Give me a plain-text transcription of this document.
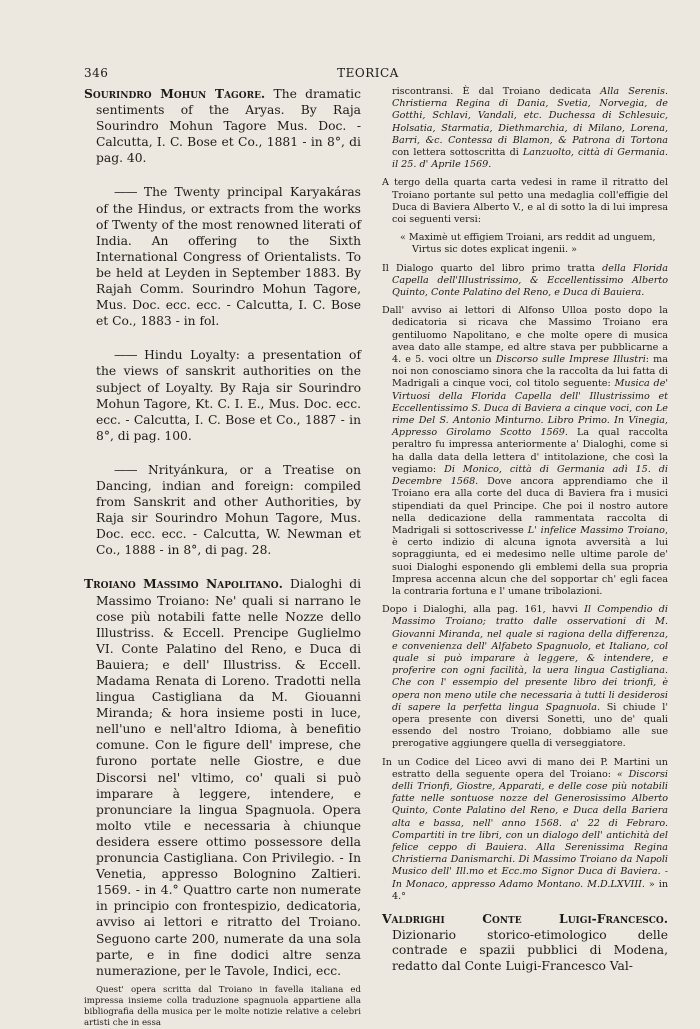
346	TEORICA
Sourindro Mohun Tagore. The dramatic sentiments of the Aryas. By Raja Sourindro Mohun Tagore Mus. Doc. - Calcutta, I. C. Bose et Co., 1881 - in 8°, di pag. 40.
—— The Twenty principal Karyakáras of the Hindus, or extracts from the works of Twenty of the most renowned literati of India. An offering to the Sixth International Congress of Orientalists. To be held at Leyden in September 1883. By Rajah Comm. Sourindro Mohun Tagore, Mus. Doc. ecc. ecc. - Calcutta, I. C. Bose et Co., 1883 - in fol.
—— Hindu Loyalty: a presentation of the views of sanskrit authorities on the subject of Loyalty. By Raja sir Sourindro Mohun Tagore, Kt. C. I. E., Mus. Doc. ecc. ecc. - Calcutta, I. C. Bose et Co., 1887 - in 8°, di pag. 100.
—— Nrityánkura, or a Treatise on Dancing, indian and foreign: compiled from Sanskrit and other Authorities, by Raja sir Sourindro Mohun Tagore, Mus. Doc. ecc. ecc. - Calcutta, W. Newman et Co., 1888 - in 8°, di pag. 28.
Troiano Massimo Napolitano. Dialoghi di Massimo Troiano: Ne' quali si narrano le cose più notabili fatte nelle Nozze dello Illustriss. & Eccell. Prencipe Guglielmo VI. Conte Palatino del Reno, e Duca di Bauiera; e dell' Illustriss. & Eccell. Madama Renata di Lorenо. Tradotti nella lingua Castigliana da M. Giouanni Miranda; & hora insieme posti in luce, nell'uno e nell'altro Idioma, à benefitio comune. Con le figure dell' imprese, che furono portate nelle Giostre, e due Discorsi nel' vltimo, co' quali si può imparare à leggere, intendere, e pronunciare la lingua Spagnuola. Opera molto vtile e necessaria à chiunque desidera essere ottimo possessore della pronuncia Castigliana. Con Privilegio. - In Venetia, appresso Bolognino Zaltieri. 1569. - in 4.° Quattro carte non numerate in principio con frontespizio, dedicatoria, avviso ai lettori e ritratto del Troiano. Seguono carte 200, numerate da una sola parte, e in fine dodici altre senza numerazione, per le Tavole, Indici, ecc.
Quest' opera scritta dal Troiano in favella italiana ed impressa insieme colla traduzione spagnuola appartiene alla bibliografia della musica per le molte notizie relative a celebri artisti che in essa

riscontransi. È dal Troiano dedicata Alla Serenis. Christierna Regina di Dania, Svetia, Norvegia, de Gotthi, Schlavi, Vandali, etc. Duchessa di Schlesuic, Holsatia, Starmatia, Diethmarchia, di Milano, Lorena, Barri, &c. Contessa di Blamon, & Patrona di Tortona con lettera sottoscritta di Lanzuolto, città di Germania. il 25. d' Aprile 1569.

A tergo della quarta carta vedesi in rame il ritratto del Troiano portante sul petto una medaglia coll'effigie del Duca di Baviera Alberto V., e al di sotto la di lui impresa coi seguenti versi:

« Maximè ut effigiem Troiani, ars reddit ad unguem,
Virtus sic dotes explicat ingenii. »

Il Dialogo quarto del libro primo tratta della Florida Capella dell'Illustrissimo, & Eccellentissimo Alberto Quinto, Conte Palatino del Reno, e Duca di Bauiera.

Dall' avviso ai lettori di Alfonso Ulloa posto dopo la dedicatoria si ricava che Massimo Troiano era gentiluomo Napolitano, e che molte opere di musica avea dato alle stampe, ed altre stava per pubblicarne a 4. e 5. voci oltre un Discorso sulle Imprese Illustri: ma noi non conosciamo sinora che la raccolta da lui fatta di Madrigali a cinque voci, col titolo seguente: Musica de' Virtuosi della Florida Capella dell' Illustrissimo et Eccellentissimo S. Duca di Baviera a cinque voci, con Le rime Del S. Antonio Minturno. Libro Primo. In Vinegia, Appresso Girolamo Scotto 1569. La qual raccolta peraltro fu impressa anteriormente a' Dialoghi, come si ha dalla data della lettera d' intitolazione, che così la vegiamo: Di Monico, città di Germania adì 15. di Decembre 1568. Dove ancora apprendiamo che il Troiano era alla corte del duca di Baviera fra i musici stipendiati da quel Principe. Che poi il nostro autore nella dedicazione della rammentata raccolta di Madrigali si sottoscrivesse L' infelice Massimo Troiano, è certo indizio di alcuna ignota avversità a lui sopraggiunta, ed ei medesimo nelle ultime parole de' suoi Dialoghi esponendo gli emblemi della sua propria Impresa accenna alcun che del sopportar ch' egli facea la contraria fortuna e l' umane tribolazioni.

Dopo i Dialoghi, alla pag. 161, havvi Il Compendio di Massimo Troiano; tratto dalle osservationi di M. Giovanni Miranda, nel quale si ragiona della differenza, e convenienza dell' Alfabeto Spagnuolo, et Italiano, col quale si può imparare à leggere, & intendere, e proferire con ogni facilità, la uera lingua Castigliana. Che con l' essempio del presente libro dei trionfi, è opera non meno utile che necessaria à tutti li desiderosi di sapere la perfetta lingua Spagnuola. Si chiude l' opera presente con diversi Sonetti, uno de' quali essendo del nostro Troiano, dobbiamo alle sue prerogative aggiungere quella di verseggiatore.

In un Codice del Liceo avvi di mano dei P. Martini un estratto della seguente opera del Troiano: « Discorsi delli Trionfi, Giostre, Apparati, e delle cose più notabili fatte nelle sontuose nozze del Generosissimo Alberto Quinto, Conte Palatino del Reno, e Duca della Bariera alta e bassa, nell' anno 1568. a' 22 di Febraro. Compartiti in tre libri, con un dialogo dell' antichità del felice ceppo di Bauiera. Alla Serenissima Regina Christierna Danismarchi. Di Massimo Troiano da Napoli Musico dell' Ill.mo et Ecc.mo Signor Duca di Baviera. - In Monaco, appresso Adamo Montano. M.D.LXVIII. » in 4.°

Valdrighi Conte Luigi-Francesco. Dizionario storico-etimologico delle contrade e spazii pubblici di Modena, redatto dal Conte Luigi-Francesco Val-
